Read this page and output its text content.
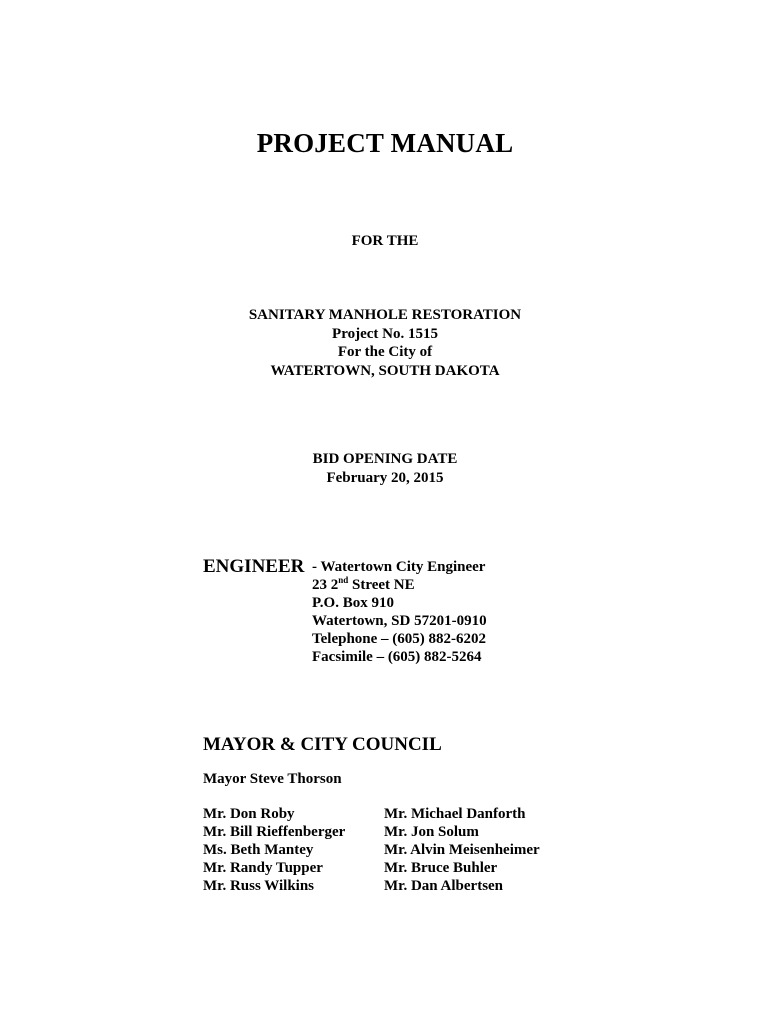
PROJECT MANUAL
FOR THE
SANITARY MANHOLE RESTORATION
Project No. 1515
For the City of
WATERTOWN, SOUTH DAKOTA
BID OPENING DATE
February 20, 2015
ENGINEER - Watertown City Engineer
23 2nd Street NE
P.O. Box 910
Watertown, SD 57201-0910
Telephone – (605) 882-6202
Facsimile – (605) 882-5264
MAYOR & CITY COUNCIL
Mayor Steve Thorson
Mr. Don Roby
Mr. Bill Rieffenberger
Ms. Beth Mantey
Mr. Randy Tupper
Mr. Russ Wilkins
Mr. Michael Danforth
Mr. Jon Solum
Mr. Alvin Meisenheimer
Mr. Bruce Buhler
Mr. Dan Albertsen
